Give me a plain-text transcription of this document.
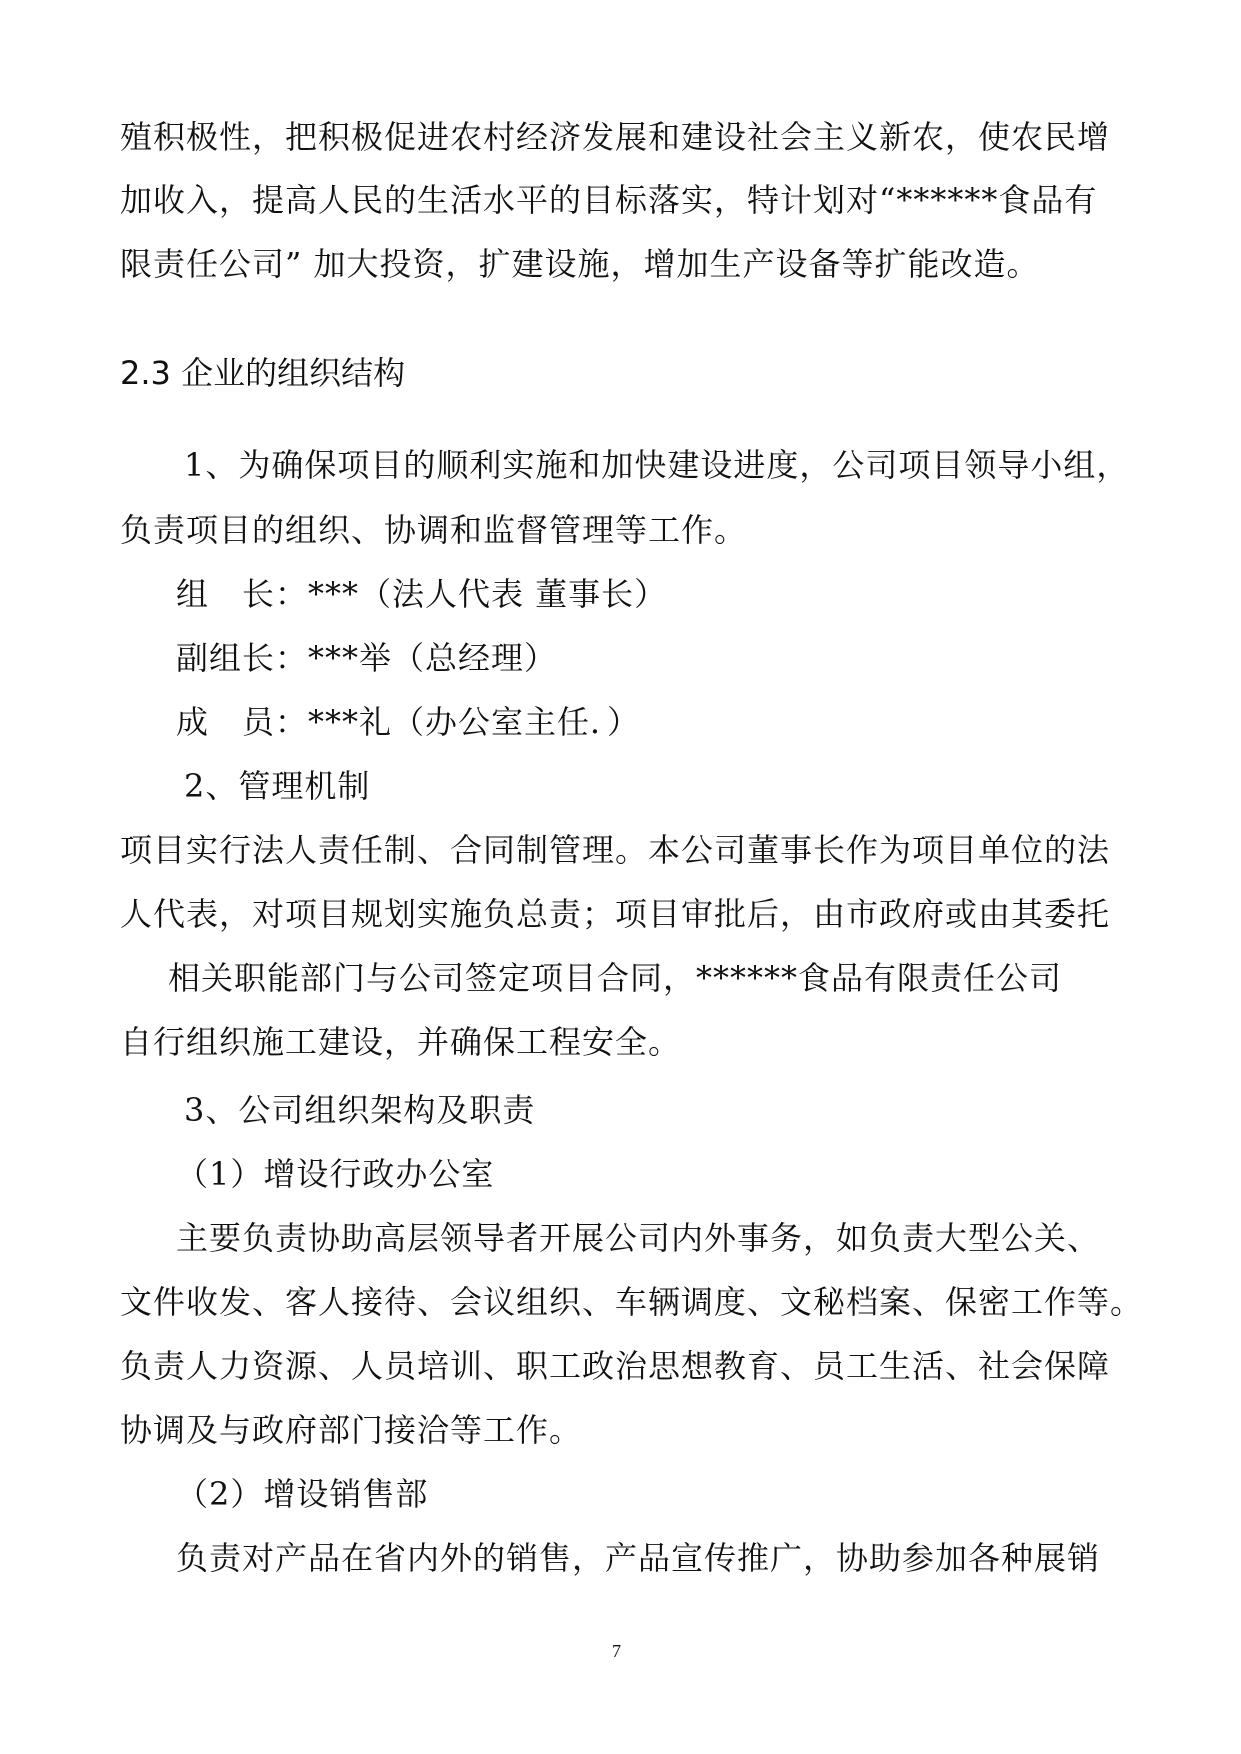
殖积极性，把积极促进农村经济发展和建设社会主义新农，使农民增
加收入，提高人民的生活水平的目标落实，特计划对“******食品有
限责任公司” 加大投资，扩建设施，增加生产设备等扩能改造。
2.3 企业的组织结构
1、为确保项目的顺利实施和加快建设进度，公司项目领导小组，
负责项目的组织、协调和监督管理等工作。
组　长：***（法人代表 董事长）
副组长：***举（总经理）
成　员：***礼（办公室主任．）
2、管理机制
项目实行法人责任制、合同制管理。本公司董事长作为项目单位的法
人代表，对项目规划实施负总责；项目审批后，由市政府或由其委托
相关职能部门与公司签定项目合同，******食品有限责任公司
自行组织施工建设，并确保工程安全。
3、公司组织架构及职责
（1）增设行政办公室
主要负责协助高层领导者开展公司内外事务，如负责大型公关、
文件收发、客人接待、会议组织、车辆调度、文秘档案、保密工作等。
负责人力资源、人员培训、职工政治思想教育、员工生活、社会保障
协调及与政府部门接洽等工作。
（2）增设销售部
负责对产品在省内外的销售，产品宣传推广，协助参加各种展销
7
